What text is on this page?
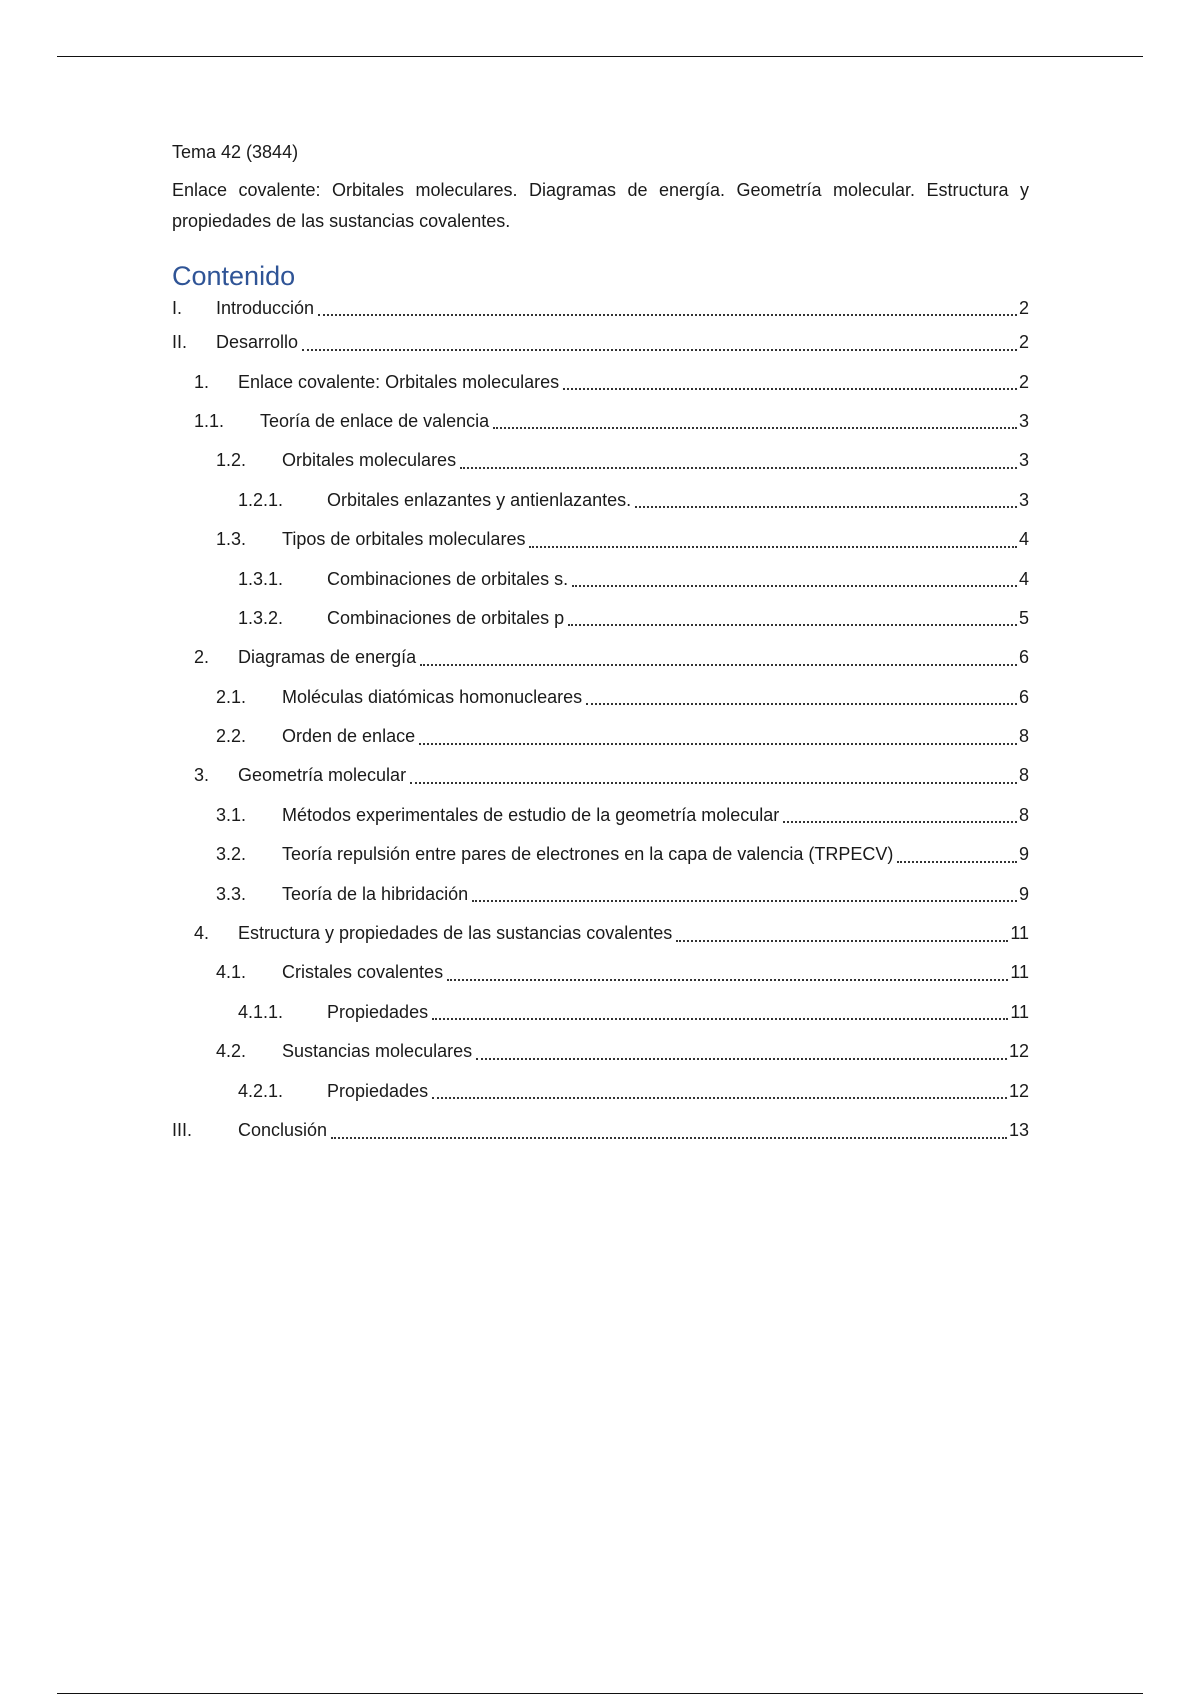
Tema 42 (3844)

Enlace covalente: Orbitales moleculares. Diagramas de energía. Geometría molecular. Estructura y propiedades de las sustancias covalentes.

Contenido
I.	Introducción	2
II.	Desarrollo	2
1.	Enlace covalente: Orbitales moleculares	2
1.1.	Teoría de enlace de valencia	3
1.2.	Orbitales moleculares	3
1.2.1.	Orbitales enlazantes y antienlazantes.	3
1.3.	Tipos de orbitales moleculares	4
1.3.1.	Combinaciones de orbitales s.	4
1.3.2.	Combinaciones de orbitales p	5
2.	Diagramas de energía	6
2.1.	Moléculas diatómicas homonucleares	6
2.2.	Orden de enlace	8
3.	Geometría molecular	8
3.1.	Métodos experimentales de estudio de la geometría molecular	8
3.2.	Teoría repulsión entre pares de electrones en la capa de valencia (TRPECV)	9
3.3.	Teoría de la hibridación	9
4.	Estructura y propiedades de las sustancias covalentes	11
4.1.	Cristales covalentes	11
4.1.1.	Propiedades	11
4.2.	Sustancias moleculares	12
4.2.1.	Propiedades	12
III.	Conclusión	13
